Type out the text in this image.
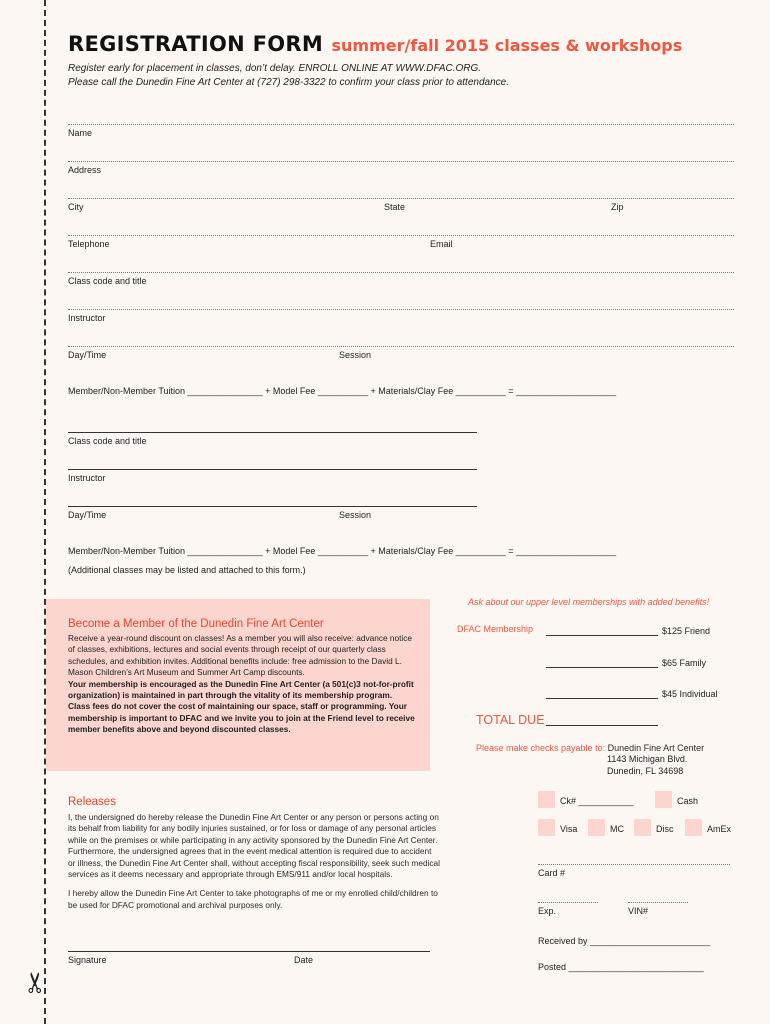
✂
REGISTRATION FORM summer/fall 2015 classes & workshops
Register early for placement in classes, don’t delay. ENROLL ONLINE AT WWW.DFAC.ORG.
Please call the Dunedin Fine Art Center at (727) 298-3322 to confirm your class prior to attendance.
Name
Address
City	State	Zip
Telephone	Email
Class code and title
Instructor
Day/Time	Session
Member/Non-Member Tuition _______________ + Model Fee __________ + Materials/Clay Fee __________ = ____________________
Class code and title
Instructor
Day/Time	Session
Member/Non-Member Tuition _______________ + Model Fee __________ + Materials/Clay Fee __________ = ____________________
(Additional classes may be listed and attached to this form.)
Become a Member of the Dunedin Fine Art Center
Receive a year-round discount on classes! As a member you will also receive: advance notice of classes, exhibitions, lectures and social events through receipt of our quarterly class schedules, and exhibition invites. Additional benefits include: free admission to the David L. Mason Children’s Art Museum and Summer Art Camp discounts.
Your membership is encouraged as the Dunedin Fine Art Center (a 501(c)3 not-for-profit organization) is maintained in part through the vitality of its membership program.
Class fees do not cover the cost of maintaining our space, staff or programming. Your membership is important to DFAC and we invite you to join at the Friend level to receive member benefits above and beyond discounted classes.
Ask about our upper level memberships with added benefits!
DFAC Membership	$125 Friend
$65 Family
$45 Individual
TOTAL DUE
Please make checks payable to: Dunedin Fine Art Center
1143 Michigan Blvd.
Dunedin, FL 34698
Releases
I, the undersigned do hereby release the Dunedin Fine Art Center or any person or persons acting on its behalf from liability for any bodily injuries sustained, or for loss or damage of any personal articles while on the premises or while participating in any activity sponsored by the Dunedin Fine Art Center. Furthermore, the undersigned agrees that in the event medical attention is required due to accident or illness, the Dunedin Fine Art Center shall, without accepting fiscal responsibility, seek such medical services as it deems necessary and appropriate through EMS/911 and/or local hospitals.
I hereby allow the Dunedin Fine Art Center to take photographs of me or my enrolled child/children to be used for DFAC promotional and archival purposes only.
Signature	Date
Ck# ___________	Cash
Visa	MC	Disc	AmEx
Card #
Exp.	VIN#
Received by ________________________
Posted ___________________________
